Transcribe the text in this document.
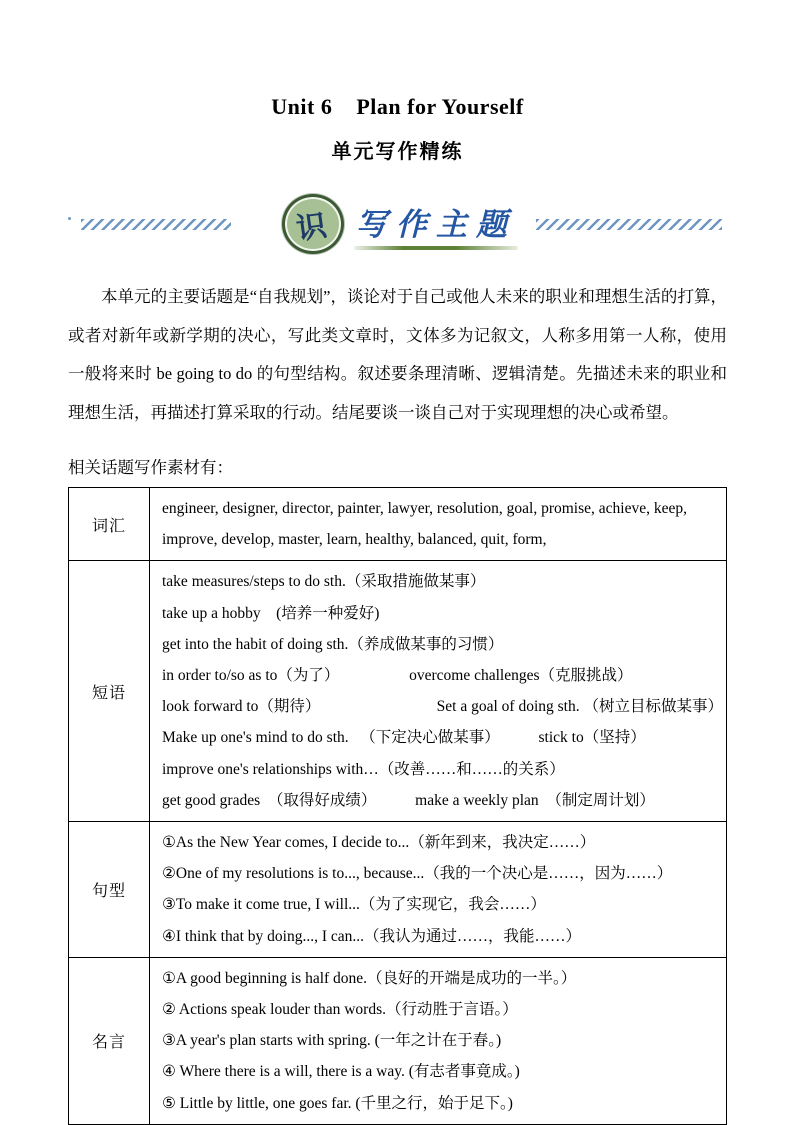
Unit 6    Plan for Yourself
单元写作精练
识 写作主题

本单元的主要话题是“自我规划”，谈论对于自己或他人未来的职业和理想生活的打算，或者对新年或新学期的决心，写此类文章时，文体多为记叙文，人称多用第一人称，使用一般将来时 be going to do 的句型结构。叙述要条理清晰、逻辑清楚。先描述未来的职业和理想生活，再描述打算采取的行动。结尾要谈一谈自己对于实现理想的决心或希望。

相关话题写作素材有：

词汇	engineer, designer, director, painter, lawyer, resolution, goal, promise, achieve, keep,
improve, develop, master, learn, healthy, balanced, quit, form,

短语	
take measures/steps to do sth.（采取措施做某事）
take up a hobby　(培养一种爱好)
get into the habit of doing sth.（养成做某事的习惯）
in order to/so as to（为了）　　　　　overcome challenges（克服挑战）
look forward to（期待）　　　　　　　　Set a goal of doing sth. （树立目标做某事）
Make up one's mind to do sth. 　（下定决心做某事）　　　stick to（坚持）
improve one's relationships with…（改善……和……的关系）
get good grades　（取得好成绩）　　　make a weekly plan　（制定周计划）

句型	①As the New Year comes, I decide to...（新年到来，我决定……）
②One of my resolutions is to..., because...（我的一个决心是……，因为……）
③To make it come true, I will...（为了实现它，我会……）
④I think that by doing..., I can...（我认为通过……，我能……）

名言	①A good beginning is half done.（良好的开端是成功的一半。）
② Actions speak louder than words.（行动胜于言语。）
③A year's plan starts with spring. (一年之计在于春。)
④ Where there is a will, there is a way. (有志者事竟成。)
⑤ Little by little, one goes far. (千里之行，始于足下。)
